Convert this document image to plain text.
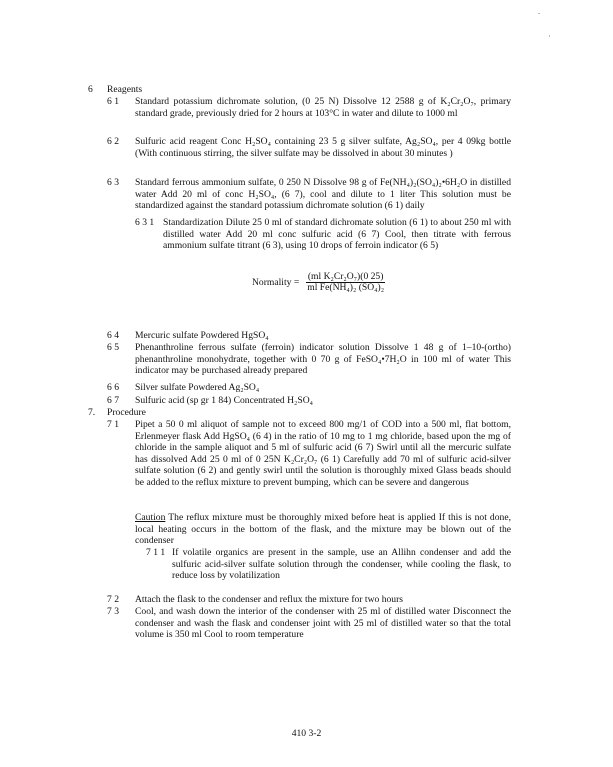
6 Reagents
6 1 Standard potassium dichromate solution, (0 25 N) Dissolve 12 2588 g of K₂Cr₂O₇, primary standard grade, previously dried for 2 hours at 103°C in water and dilute to 1000 ml
6 2 Sulfuric acid reagent Conc H₂SO₄ containing 23 5 g silver sulfate, Ag₂SO₄, per 4 09kg bottle (With continuous stirring, the silver sulfate may be dissolved in about 30 minutes )
6 3 Standard ferrous ammonium sulfate, 0 250 N Dissolve 98 g of Fe(NH₄)₂(SO₄)₂•6H₂O in distilled water Add 20 ml of conc H₂SO₄, (6 7), cool and dilute to 1 liter This solution must be standardized against the standard potassium dichromate solution (6 1) daily
6 3 1 Standardization Dilute 25 0 ml of standard dichromate solution (6 1) to about 250 ml with distilled water Add 20 ml conc sulfuric acid (6 7) Cool, then titrate with ferrous ammonium sulfate titrant (6 3), using 10 drops of ferroin indicator (6 5)
Normality = $\frac{\text{(ml K₂Cr₂O₇)(0 25)}}{\text{ml Fe(NH₄)₂ (SO₄)₂}}$
6 4 Mercuric sulfate Powdered HgSO₄
6 5 Phenanthroline ferrous sulfate (ferroin) indicator solution Dissolve 1 48 g of 1–10-(ortho) phenanthroline monohydrate, together with 0 70 g of FeSO₄•7H₂O in 100 ml of water This indicator may be purchased already prepared
6 6 Silver sulfate Powdered Ag₂SO₄
6 7 Sulfuric acid (sp gr 1 84) Concentrated H₂SO₄
7. Procedure
7 1 Pipet a 50 0 ml aliquot of sample not to exceed 800 mg/1 of COD into a 500 ml, flat bottom, Erlenmeyer flask Add HgSO₄ (6 4) in the ratio of 10 mg to 1 mg chloride, based upon the mg of chloride in the sample aliquot and 5 ml of sulfuric acid (6 7) Swirl until all the mercuric sulfate has dissolved Add 25 0 ml of 0 25N K₂Cr₂O₇ (6 1) Carefully add 70 ml of sulfuric acid-silver sulfate solution (6 2) and gently swirl until the solution is thoroughly mixed Glass beads should be added to the reflux mixture to prevent bumping, which can be severe and dangerous
Caution The reflux mixture must be thoroughly mixed before heat is applied If this is not done, local heating occurs in the bottom of the flask, and the mixture may be blown out of the condenser
7 1 1 If volatile organics are present in the sample, use an Allihn condenser and add the sulfuric acid-silver sulfate solution through the condenser, while cooling the flask, to reduce loss by volatilization
7 2 Attach the flask to the condenser and reflux the mixture for two hours
7 3 Cool, and wash down the interior of the condenser with 25 ml of distilled water Disconnect the condenser and wash the flask and condenser joint with 25 ml of distilled water so that the total volume is 350 ml Cool to room temperature
410 3-2
